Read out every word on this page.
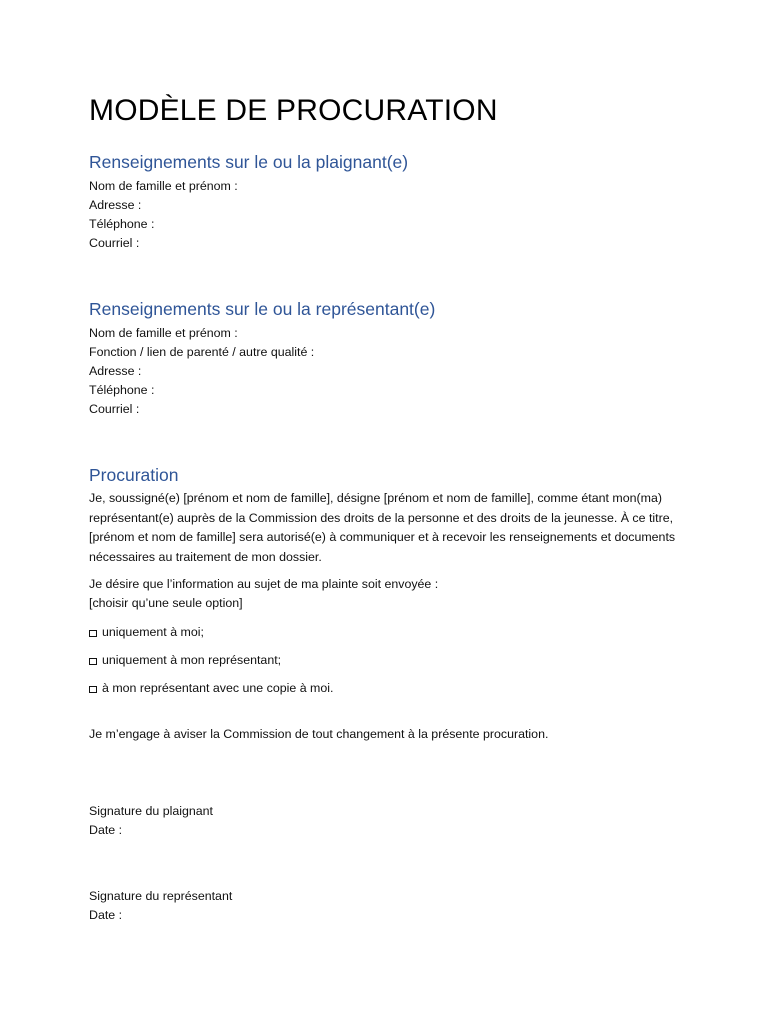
MODÈLE DE PROCURATION
Renseignements sur le ou la plaignant(e)
Nom de famille et prénom :
Adresse :
Téléphone :
Courriel :
Renseignements sur le ou la représentant(e)
Nom de famille et prénom :
Fonction / lien de parenté / autre qualité :
Adresse :
Téléphone :
Courriel :
Procuration
Je, soussigné(e) [prénom et nom de famille], désigne [prénom et nom de famille], comme étant mon(ma) représentant(e) auprès de la Commission des droits de la personne et des droits de la jeunesse. À ce titre, [prénom et nom de famille] sera autorisé(e) à communiquer et à recevoir les renseignements et documents nécessaires au traitement de mon dossier.
Je désire que l’information au sujet de ma plainte soit envoyée :
[choisir qu’une seule option]
uniquement à moi;
uniquement à mon représentant;
à mon représentant avec une copie à moi.
Je m’engage à aviser la Commission de tout changement à la présente procuration.
Signature du plaignant
Date :
Signature du représentant
Date :
